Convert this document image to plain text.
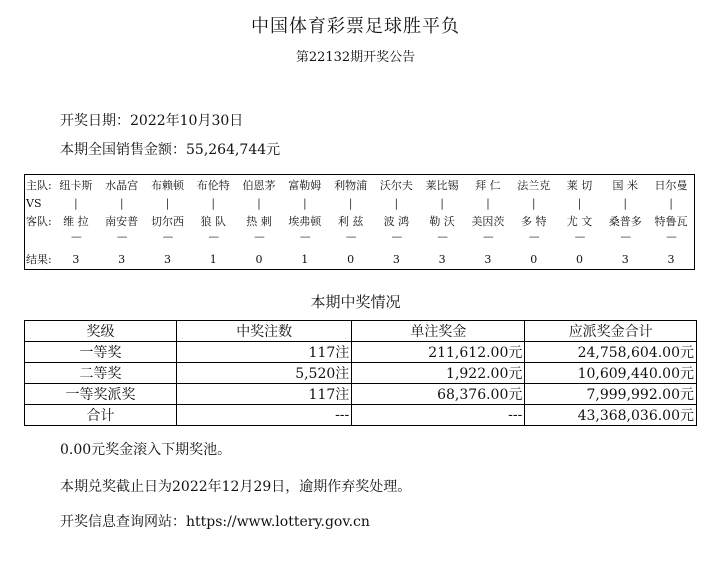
中国体育彩票足球胜平负
第22132期开奖公告
开奖日期：2022年10月30日
本期全国销售金额：55,264,744元
主队: 纽卡斯	水晶宫	布赖顿	布伦特	伯恩茅	富勒姆	利物浦	沃尔夫	莱比锡	拜 仁	法兰克	莱 切	国 米	日尔曼
VS	|	|	|	|	|	|	|	|	|	|	|	|	|	|
客队:	维 拉	南安普	切尔西	狼 队	热 刺	埃弗顿	利 兹	波 鸿	勒 沃	美因茨	多 特	尤 文	桑普多	特鲁瓦
----	----	----	----	----	----	----	----	----	----	----	----	----	----
结果:	3	3	3	1	0	1	0	3	3	3	0	0	3	3
本期中奖情况
奖级	中奖注数	单注奖金	应派奖金合计
一等奖	117注	211,612.00元	24,758,604.00元
二等奖	5,520注	1,922.00元	10,609,440.00元
一等奖派奖	117注	68,376.00元	7,999,992.00元
合计	---	---	43,368,036.00元
0.00元奖金滚入下期奖池。
本期兑奖截止日为2022年12月29日，逾期作弃奖处理。
开奖信息查询网站：https://www.lottery.gov.cn
